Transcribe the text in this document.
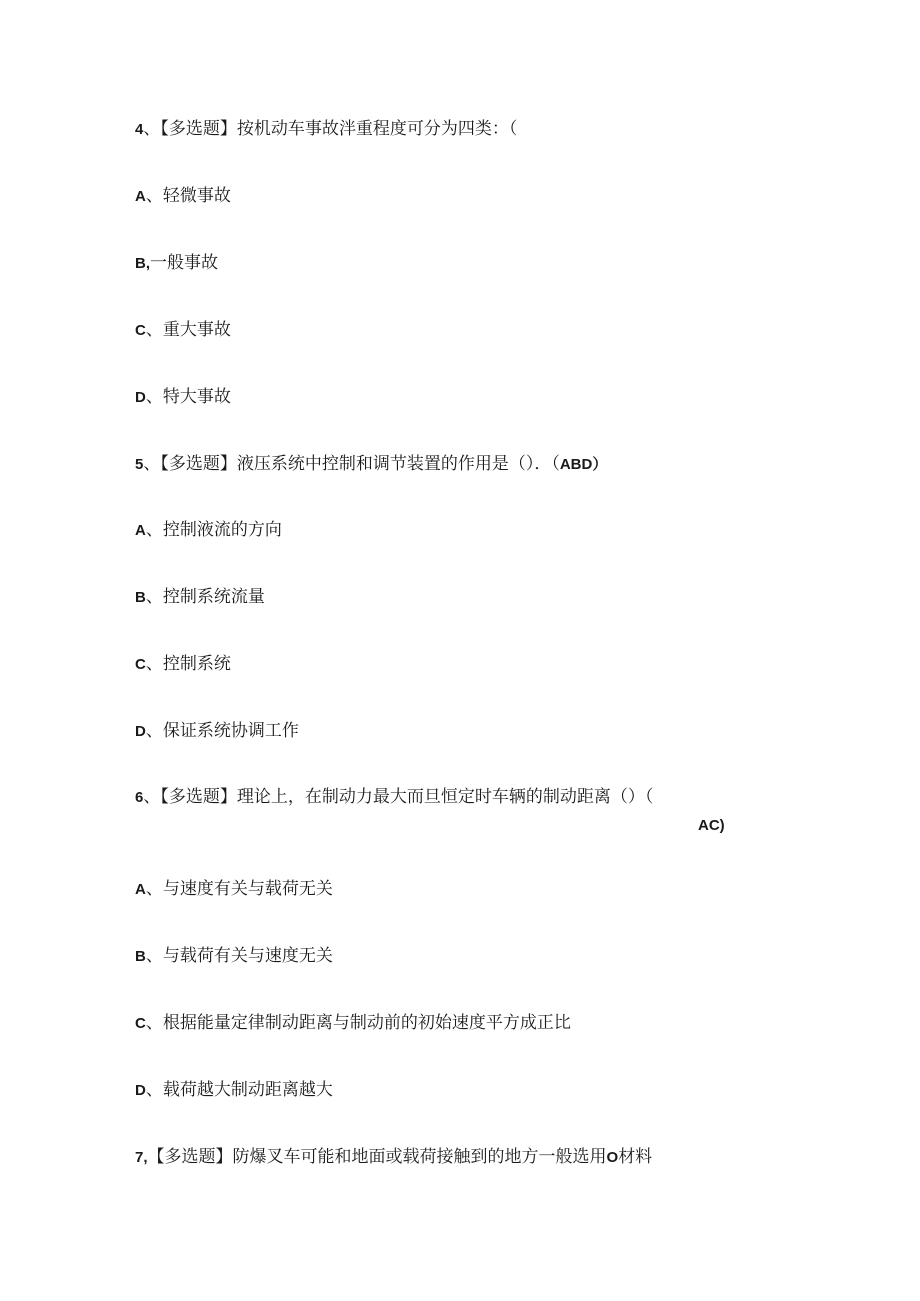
4、【多选题】按机动车事故泮重程度可分为四类：（
A、轻微事故
B,一般事故
C、重大事故
D、特大事故
5、【多选题】液压系统中控制和调节装置的作用是（）．（ABD）
A、控制液流的方向
B、控制系统流量
C、控制系统
D、保证系统协调工作
6、【多选题】理论上，在制动力最大而旦恒定时车辆的制动距离（）（
AC)
A、与速度有关与载荷无关
B、与载荷有关与速度无关
C、根据能量定律制动距离与制动前的初始速度平方成正比
D、载荷越大制动距离越大
7,【多选题】防爆叉车可能和地面或载荷接触到的地方一般选用O材料
